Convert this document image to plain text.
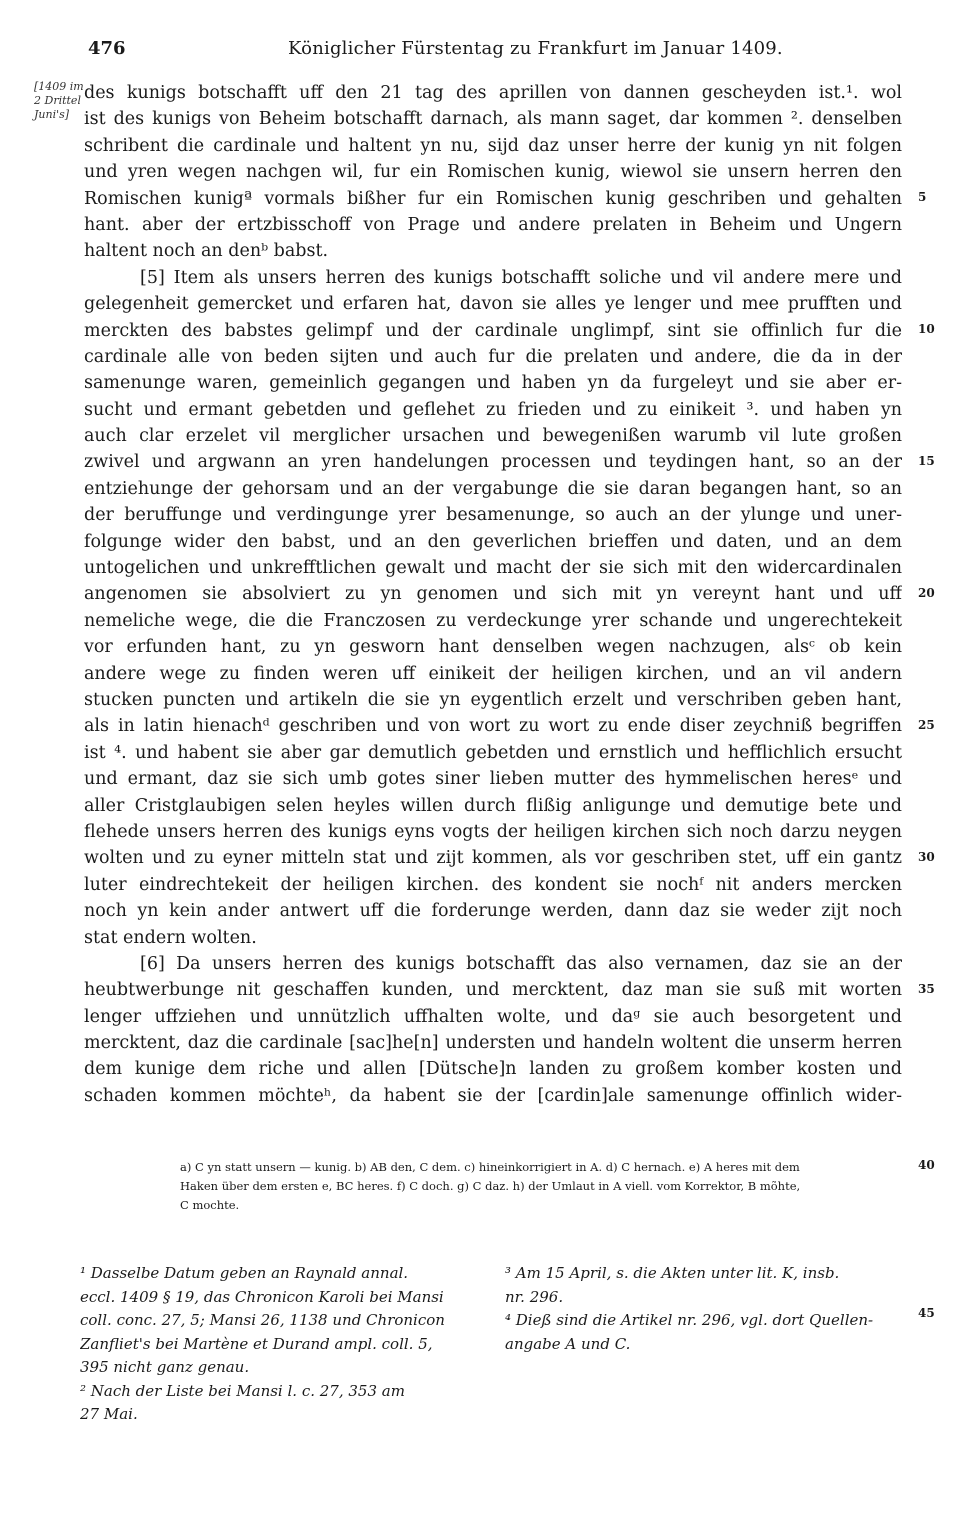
476	Königlicher Fürstentag zu Frankfurt im Januar 1409.
[1409 im 2 Drittel Juni's]
des kunigs botschafft uff den 21 tag des aprillen von dannen gescheyden ist.¹. wol
ist des kunigs von Beheim botschafft darnach, als mann saget, dar kommen ². denselben
schribent die cardinale und haltent yn nu, sijd daz unser herre der kunig yn nit folgen
und yren wegen nachgen wil, fur ein Romischen kunig, wiewol sie unsern herren den
Romischen kunigª vormals bißher fur ein Romischen kunig geschriben und gehalten
hant. aber der ertzbisschoff von Prage und andere prelaten in Beheim und Ungern
haltent noch an denᵇ babst.
[5] Item als unsers herren des kunigs botschafft soliche und vil andere mere und
gelegenheit gemercket und erfaren hat, davon sie alles ye lenger und mee prufften und
merckten des babstes gelimpf und der cardinale unglimpf, sint sie offinlich fur die
cardinale alle von beden sijten und auch fur die prelaten und andere, die da in der
samenunge waren, gemeinlich gegangen und haben yn da furgeleyt und sie aber er-
sucht und ermant gebetden und geflehet zu frieden und zu einikeit ³. und haben yn
auch clar erzelet vil merglicher ursachen und bewegenißen warumb vil lute großen
zwivel und argwann an yren handelungen processen und teydingen hant, so an der
entziehunge der gehorsam und an der vergabunge die sie daran begangen hant, so an
der beruffunge und verdingunge yrer besamenunge, so auch an der ylunge und uner-
folgunge wider den babst, und an den geverlichen brieffen und daten, und an dem
untogelichen und unkrefftlichen gewalt und macht der sie sich mit den widercardinalen
angenomen sie absolviert zu yn genomen und sich mit yn vereynt hant und uff
nemeliche wege, die die Franczosen zu verdeckunge yrer schande und ungerechtekeit
vor erfunden hant, zu yn gesworn hant denselben wegen nachzugen, alsᶜ ob kein
andere wege zu finden weren uff einikeit der heiligen kirchen, und an vil andern
stucken puncten und artikeln die sie yn eygentlich erzelt und verschriben geben hant,
als in latin hienachᵈ geschriben und von wort zu wort zu ende diser zeychniß begriffen
ist ⁴. und habent sie aber gar demutlich gebetden und ernstlich und hefflichlich ersucht
und ermant, daz sie sich umb gotes siner lieben mutter des hymmelischen heresᵉ und
aller Cristglaubigen selen heyles willen durch flißig anligunge und demutige bete und
flehede unsers herren des kunigs eyns vogts der heiligen kirchen sich noch darzu neygen
wolten und zu eyner mitteln stat und zijt kommen, als vor geschriben stet, uff ein gantz
luter eindrechtekeit der heiligen kirchen. des kondent sie nochᶠ nit anders mercken
noch yn kein ander antwert uff die forderunge werden, dann daz sie weder zijt noch
stat endern wolten.
[6] Da unsers herren des kunigs botschafft das also vernamen, daz sie an der
heubtwerbunge nit geschaffen kunden, und mercktent, daz man sie suß mit worten
lenger uffziehen und unnützlich uffhalten wolte, und daᵍ sie auch besorgetent und
mercktent, daz die cardinale [sac]he[n] understen und handeln woltent die unserm herren
dem kunige dem riche und allen [Dütsche]n landen zu großem komber kosten und
schaden kommen möchteʰ, da habent sie der [cardin]ale samenunge offinlich wider-
5
10
15
20
25
30
35
a) C yn statt unsern — kunig. b) AB den, C dem. c) hineinkorrigiert in A. d) C hernach. e) A heres mit dem
Haken über dem ersten e, BC heres. f) C doch. g) C daz. h) der Umlaut in A viell. vom Korrektor, B mõhte,
C mochte.
40
¹ Dasselbe Datum geben an Raynald annal.
eccl. 1409 § 19, das Chronicon Karoli bei Mansi
coll. conc. 27, 5; Mansi 26, 1138 und Chronicon
Zanfliet's bei Martène et Durand ampl. coll. 5,
395 nicht ganz genau.
² Nach der Liste bei Mansi l. c. 27, 353 am
27 Mai.
³ Am 15 April, s. die Akten unter lit. K, insb.
nr. 296.
⁴ Dieß sind die Artikel nr. 296, vgl. dort Quellen-
angabe A und C.
45
